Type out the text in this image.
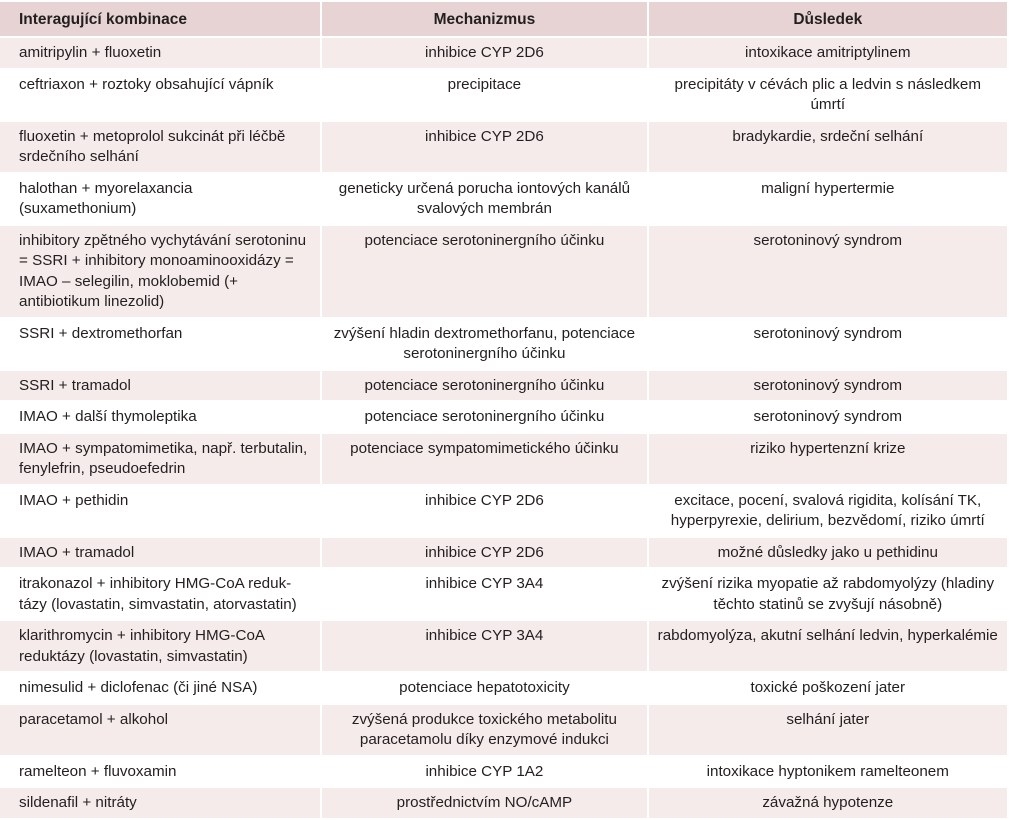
Interagující kombinace	Mechanizmus	Důsledek
amitripylin + fluoxetin	inhibice CYP 2D6	intoxikace amitriptylinem
ceftriaxon + roztoky obsahující vápník	precipitace	precipitáty v cévách plic a ledvin s následkem úmrtí
fluoxetin + metoprolol sukcinát při léčbě srdečního selhání	inhibice CYP 2D6	bradykardie, srdeční selhání
halothan + myorelaxancia (suxamethonium)	geneticky určená porucha iontových kanálů svalových membrán	maligní hypertermie
inhibitory zpětného vychytávání serotoninu = SSRI + inhibitory monoaminooxidázy = IMAO – selegilin, moklobemid (+ antibiotikum linezolid)	potenciace serotoninergního účinku	serotoninový syndrom
SSRI + dextromethorfan	zvýšení hladin dextromethorfanu, potenciace serotoninergního účinku	serotoninový syndrom
SSRI + tramadol	potenciace serotoninergního účinku	serotoninový syndrom
IMAO + další thymoleptika	potenciace serotoninergního účinku	serotoninový syndrom
IMAO + sympatomimetika, např. terbutalin, fenylefrin, pseudoefedrin	potenciace sympatomimetického účinku	riziko hypertenzní krize
IMAO + pethidin	inhibice CYP 2D6	excitace, pocení, svalová rigidita, kolísání TK, hyperpyrexie, delirium, bezvědomí, riziko úmrtí
IMAO + tramadol	inhibice CYP 2D6	možné důsledky jako u pethidinu
itrakonazol + inhibitory HMG-CoA reduk-tázy (lovastatin, simvastatin, atorvastatin)	inhibice CYP 3A4	zvýšení rizika myopatie až rabdomyolýzy (hladiny těchto statinů se zvyšují násobně)
klarithromycin + inhibitory HMG-CoA reduktázy (lovastatin, simvastatin)	inhibice CYP 3A4	rabdomyolýza, akutní selhání ledvin, hyperkalémie
nimesulid + diclofenac (či jiné NSA)	potenciace hepatotoxicity	toxické poškození jater
paracetamol + alkohol	zvýšená produkce toxického metabolitu paracetamolu díky enzymové indukci	selhání jater
ramelteon + fluvoxamin	inhibice CYP 1A2	intoxikace hyptonikem ramelteonem
sildenafil + nitráty	prostřednictvím NO/cAMP	závažná hypotenze
